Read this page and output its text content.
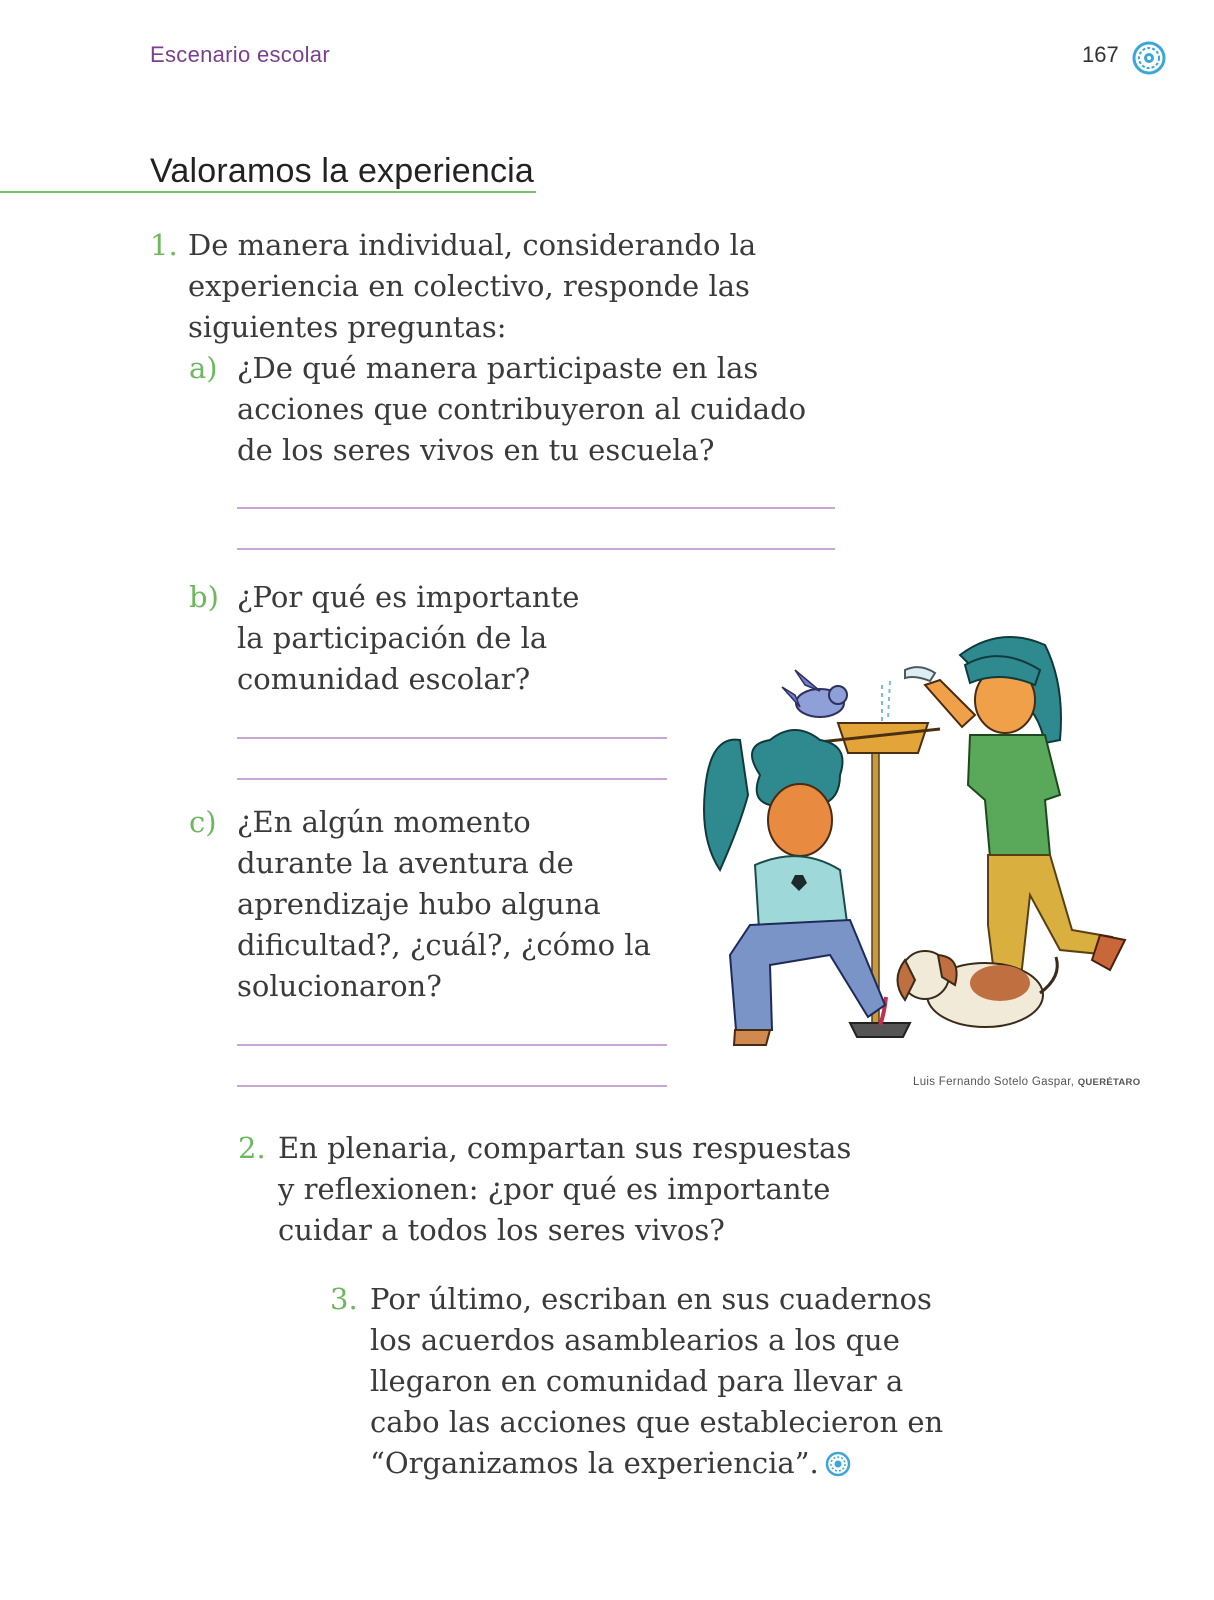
Escenario escolar	167
Valoramos la experiencia
1. De manera individual, considerando la
experiencia en colectivo, responde las
siguientes preguntas:
a) ¿De qué manera participaste en las
acciones que contribuyeron al cuidado
de los seres vivos en tu escuela?
b) ¿Por qué es importante
la participación de la
comunidad escolar?
c) ¿En algún momento
durante la aventura de
aprendizaje hubo alguna
dificultad?, ¿cuál?, ¿cómo la
solucionaron?
Luis Fernando Sotelo Gaspar, QUERÉTARO
2. En plenaria, compartan sus respuestas
y reflexionen: ¿por qué es importante
cuidar a todos los seres vivos?
3. Por último, escriban en sus cuadernos
los acuerdos asamblearios a los que
llegaron en comunidad para llevar a
cabo las acciones que establecieron en
“Organizamos la experiencia”.
